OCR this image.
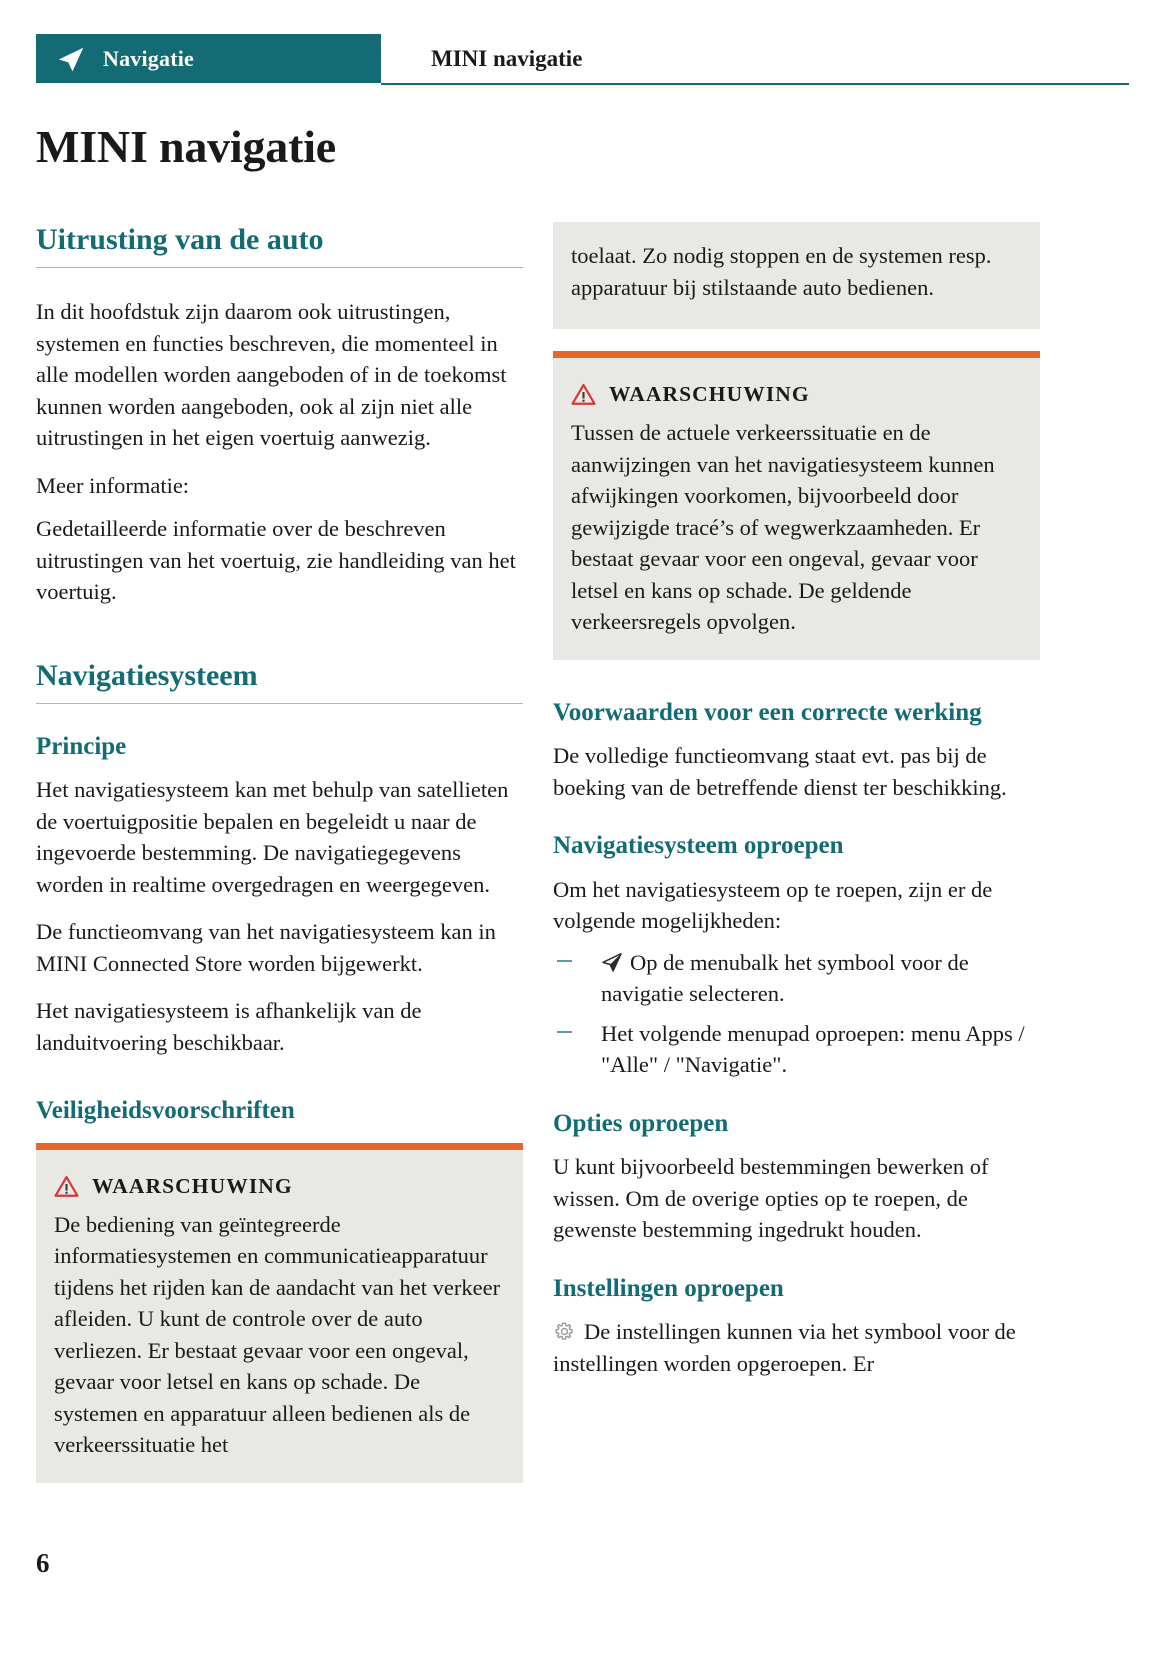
Navigatie	MINI navigatie
MINI navigatie
Uitrusting van de auto

In dit hoofdstuk zijn daarom ook uitrustingen, systemen en functies beschreven, die momenteel in alle modellen worden aangeboden of in de toekomst kunnen worden aangeboden, ook al zijn niet alle uitrustingen in het eigen voertuig aanwezig.

Meer informatie:

Gedetailleerde informatie over de beschreven uitrustingen van het voertuig, zie handleiding van het voertuig.

Navigatiesysteem
Principe

Het navigatiesysteem kan met behulp van satellieten de voertuigpositie bepalen en begeleidt u naar de ingevoerde bestemming. De navigatiegegevens worden in realtime overgedragen en weergegeven.

De functieomvang van het navigatiesysteem kan in MINI Connected Store worden bijgewerkt.

Het navigatiesysteem is afhankelijk van de landuitvoering beschikbaar.

Veiligheidsvoorschriften
WAARSCHUWING

De bediening van geïntegreerde informatiesystemen en communicatieapparatuur tijdens het rijden kan de aandacht van het verkeer afleiden. U kunt de controle over de auto verliezen. Er bestaat gevaar voor een ongeval, gevaar voor letsel en kans op schade. De systemen en apparatuur alleen bedienen als de verkeerssituatie het

toelaat. Zo nodig stoppen en de systemen resp. apparatuur bij stilstaande auto bedienen.

WAARSCHUWING

Tussen de actuele verkeerssituatie en de aanwijzingen van het navigatiesysteem kunnen afwijkingen voorkomen, bijvoorbeeld door gewijzigde tracé’s of wegwerkzaamheden. Er bestaat gevaar voor een ongeval, gevaar voor letsel en kans op schade. De geldende verkeersregels opvolgen.

Voorwaarden voor een correcte werking

De volledige functieomvang staat evt. pas bij de boeking van de betreffende dienst ter beschikking.

Navigatiesysteem oproepen

Om het navigatiesysteem op te roepen, zijn er de volgende mogelijkheden:

Op de menubalk het symbool voor de navigatie selecteren.
Het volgende menupad oproepen: menu Apps / "Alle" / "Navigatie".
Opties oproepen

U kunt bijvoorbeeld bestemmingen bewerken of wissen. Om de overige opties op te roepen, de gewenste bestemming ingedrukt houden.

Instellingen oproepen

De instellingen kunnen via het symbool voor de instellingen worden opgeroepen. Er

6
